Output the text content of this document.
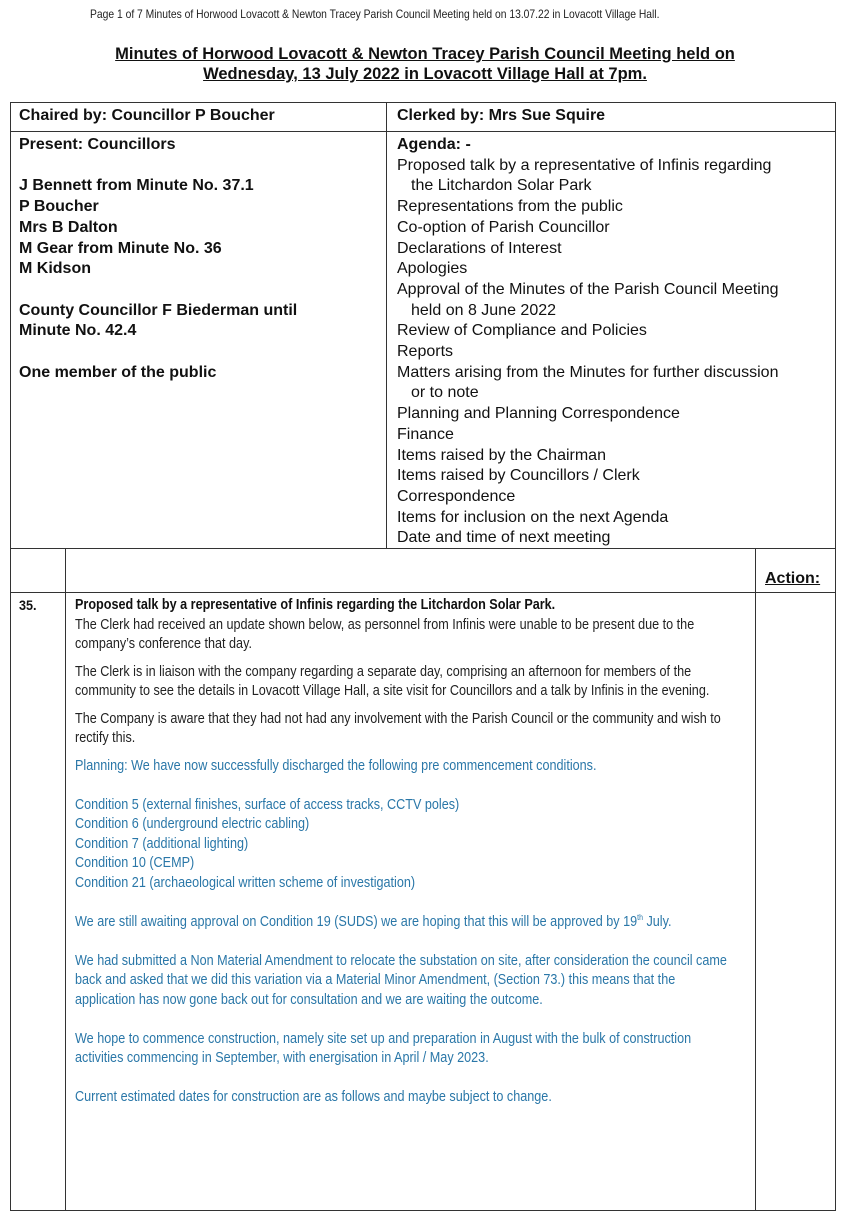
Page 1 of 7 Minutes of Horwood Lovacott & Newton Tracey Parish Council Meeting held on 13.07.22 in Lovacott Village Hall.
Minutes of Horwood Lovacott & Newton Tracey Parish Council Meeting held on
Wednesday, 13 July 2022 in Lovacott Village Hall at 7pm.
Chaired by: Councillor P Boucher	Clerked by: Mrs Sue Squire
Present: Councillors
J Bennett from Minute No. 37.1
P Boucher
Mrs B Dalton
M Gear from Minute No. 36
M Kidson
County Councillor F Biederman until
Minute No. 42.4
One member of the public
Agenda: -
Proposed talk by a representative of Infinis regarding
the Litchardon Solar Park
Representations from the public
Co-option of Parish Councillor
Declarations of Interest
Apologies
Approval of the Minutes of the Parish Council Meeting
held on 8 June 2022
Review of Compliance and Policies
Reports
Matters arising from the Minutes for further discussion
or to note
Planning and Planning Correspondence
Finance
Items raised by the Chairman
Items raised by Councillors / Clerk
Correspondence
Items for inclusion on the next Agenda
Date and time of next meeting
Action:
35.	Proposed talk by a representative of Infinis regarding the Litchardon Solar Park.

The Clerk had received an update shown below, as personnel from Infinis were unable to be present due to the company’s conference that day.

The Clerk is in liaison with the company regarding a separate day, comprising an afternoon for members of the community to see the details in Lovacott Village Hall, a site visit for Councillors and a talk by Infinis in the evening.

The Company is aware that they had not had any involvement with the Parish Council or the community and wish to rectify this.

Planning: We have now successfully discharged the following pre commencement conditions.

Condition 5 (external finishes, surface of access tracks, CCTV poles)
Condition 6 (underground electric cabling)
Condition 7 (additional lighting)
Condition 10 (CEMP)
Condition 21 (archaeological written scheme of investigation)

We are still awaiting approval on Condition 19 (SUDS) we are hoping that this will be approved by 19th July.

We had submitted a Non Material Amendment to relocate the substation on site, after consideration the council came back and asked that we did this variation via a Material Minor Amendment, (Section 73.) this means that the application has now gone back out for consultation and we are waiting the outcome.

We hope to commence construction, namely site set up and preparation in August with the bulk of construction activities commencing in September, with energisation in April / May 2023.

Current estimated dates for construction are as follows and maybe subject to change.
